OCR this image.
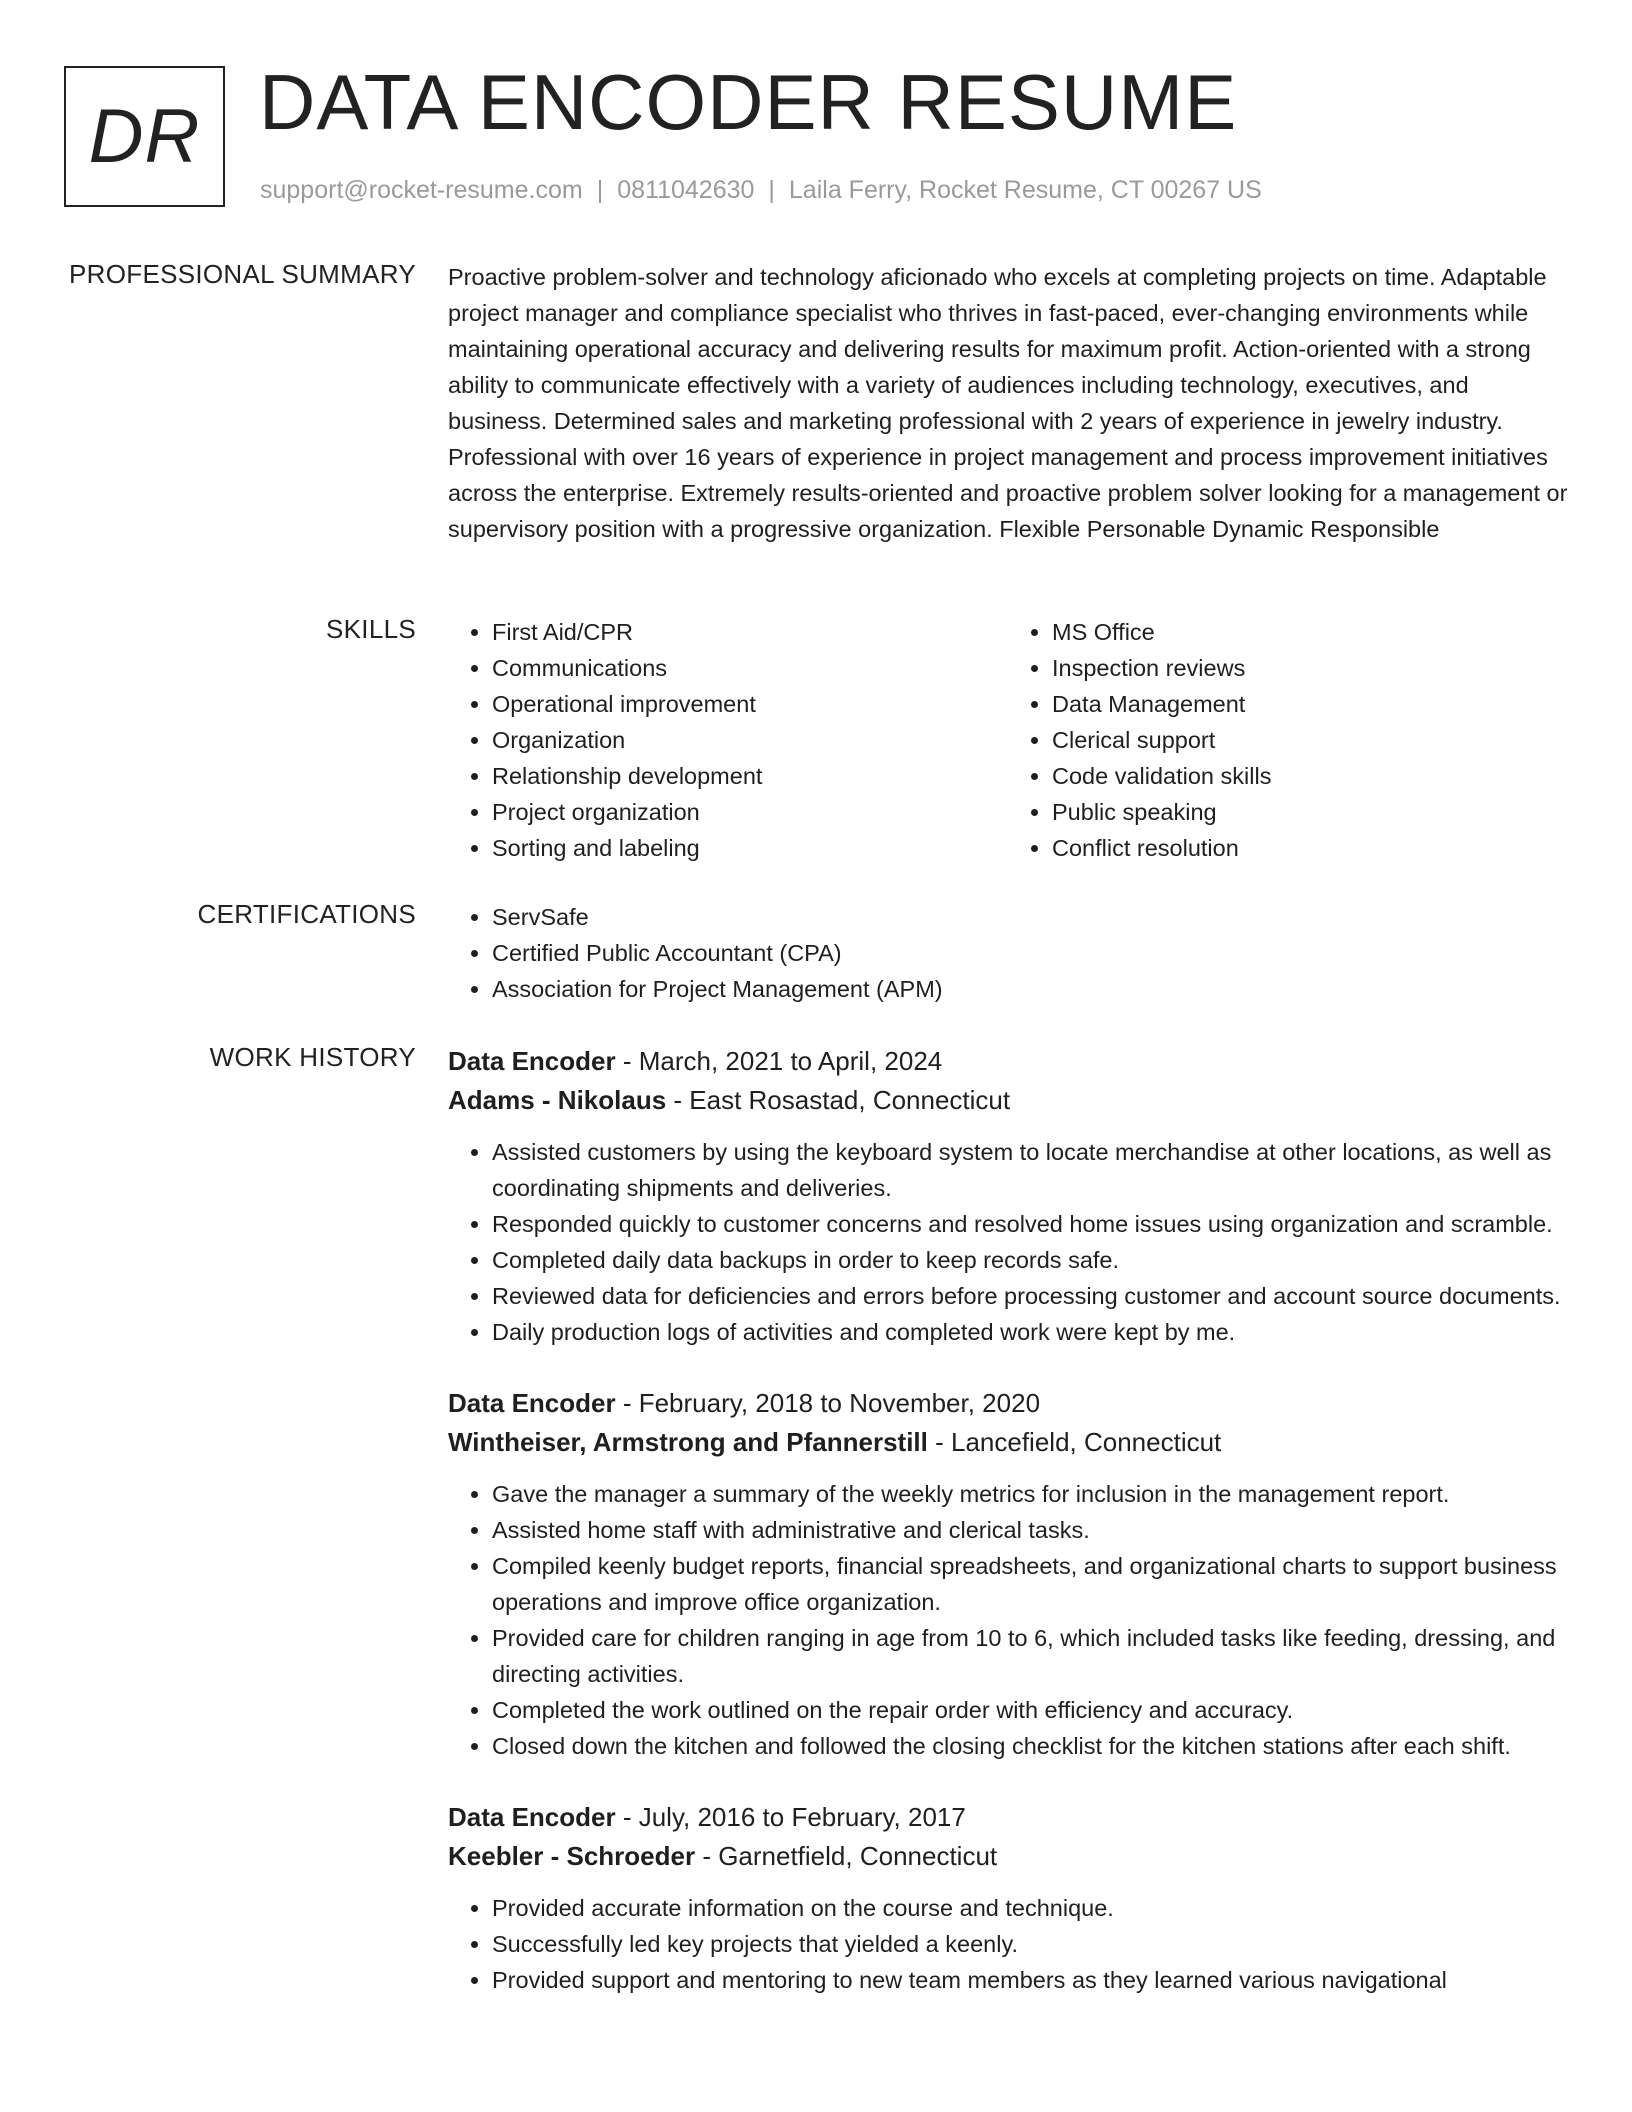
DR DATA ENCODER RESUME
support@rocket-resume.com | 0811042630 | Laila Ferry, Rocket Resume, CT 00267 US
PROFESSIONAL SUMMARY Proactive problem-solver and technology aficionado who excels at completing projects on time. Adaptable project manager and compliance specialist who thrives in fast-paced, ever-changing environments while maintaining operational accuracy and delivering results for maximum profit. Action-oriented with a strong ability to communicate effectively with a variety of audiences including technology, executives, and business. Determined sales and marketing professional with 2 years of experience in jewelry industry. Professional with over 16 years of experience in project management and process improvement initiatives across the enterprise. Extremely results-oriented and proactive problem solver looking for a management or supervisory position with a progressive organization. Flexible Personable Dynamic Responsible

SKILLS	• First Aid/CPR
• Communications
• Operational improvement
• Organization
• Relationship development
• Project organization
• Sorting and labeling
• MS Office
• Inspection reviews
• Data Management
• Clerical support
• Code validation skills
• Public speaking
• Conflict resolution
CERTIFICATIONS	• ServSafe
• Certified Public Accountant (CPA)
• Association for Project Management (APM)
WORK HISTORY Data Encoder - March, 2021 to April, 2024
Adams - Nikolaus - East Rosastad, Connecticut
• Assisted customers by using the keyboard system to locate merchandise at other locations, as well as coordinating shipments and deliveries.
• Responded quickly to customer concerns and resolved home issues using organization and scramble.
• Completed daily data backups in order to keep records safe.
• Reviewed data for deficiencies and errors before processing customer and account source documents.
• Daily production logs of activities and completed work were kept by me.
Data Encoder - February, 2018 to November, 2020
Wintheiser, Armstrong and Pfannerstill - Lancefield, Connecticut
• Gave the manager a summary of the weekly metrics for inclusion in the management report.
• Assisted home staff with administrative and clerical tasks.
• Compiled keenly budget reports, financial spreadsheets, and organizational charts to support business operations and improve office organization.
• Provided care for children ranging in age from 10 to 6, which included tasks like feeding, dressing, and directing activities.
• Completed the work outlined on the repair order with efficiency and accuracy.
• Closed down the kitchen and followed the closing checklist for the kitchen stations after each shift.
Data Encoder - July, 2016 to February, 2017
Keebler - Schroeder - Garnetfield, Connecticut
• Provided accurate information on the course and technique.
• Successfully led key projects that yielded a keenly.
• Provided support and mentoring to new team members as they learned various navigational
